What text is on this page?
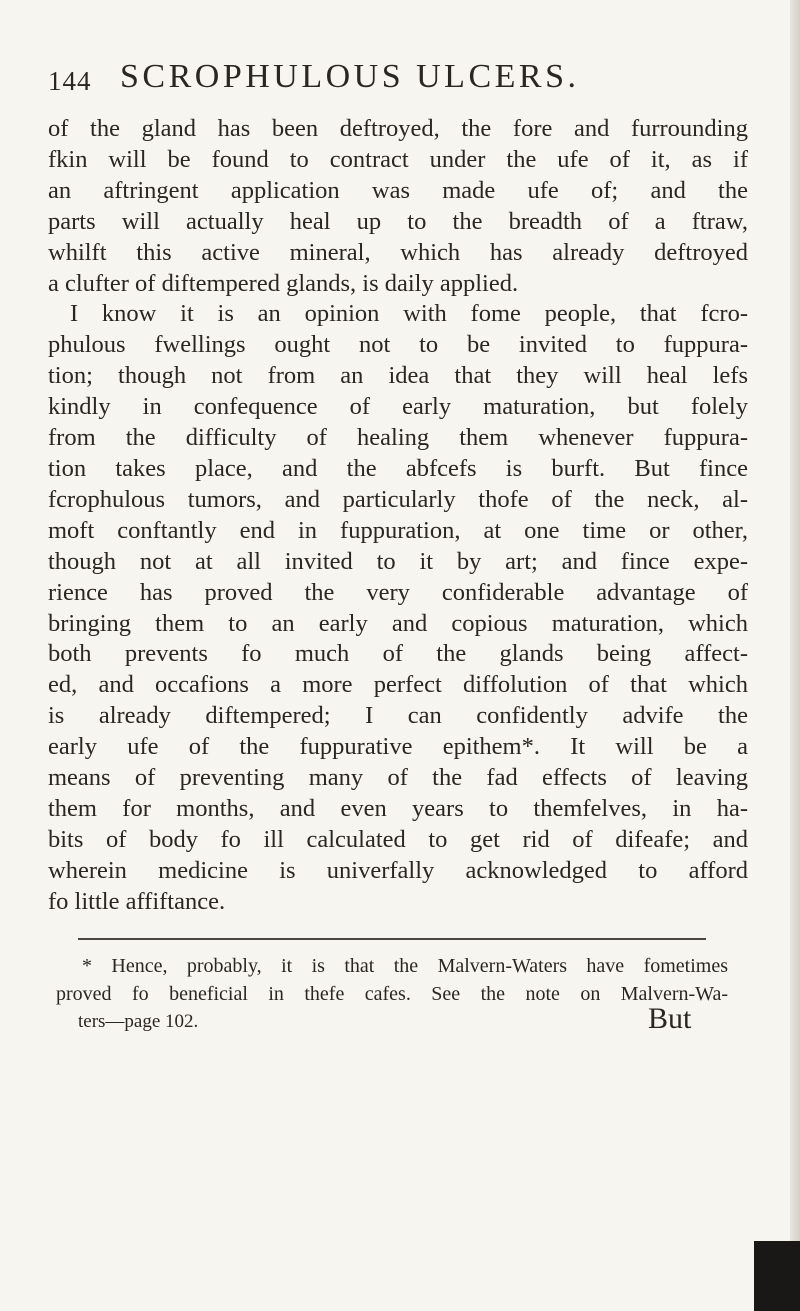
144 SCROPHULOUS ULCERS.
of the gland has been deftroyed, the fore and furrounding
fkin will be found to contract under the ufe of it, as if
an aftringent application was made ufe of; and the
parts will actually heal up to the breadth of a ftraw,
whilft this active mineral, which has already deftroyed
a clufter of diftempered glands, is daily applied.
I know it is an opinion with fome people, that fcro-
phulous fwellings ought not to be invited to fuppura-
tion; though not from an idea that they will heal lefs
kindly in confequence of early maturation, but folely
from the difficulty of healing them whenever fuppura-
tion takes place, and the abfcefs is burft. But fince
fcrophulous tumors, and particularly thofe of the neck, al-
moft conftantly end in fuppuration, at one time or other,
though not at all invited to it by art; and fince expe-
rience has proved the very confiderable advantage of
bringing them to an early and copious maturation, which
both prevents fo much of the glands being affect-
ed, and occafions a more perfect diffolution of that which
is already diftempered; I can confidently advife the
early ufe of the fuppurative epithem*. It will be a
means of preventing many of the fad effects of leaving
them for months, and even years to themfelves, in ha-
bits of body fo ill calculated to get rid of difeafe; and
wherein medicine is univerfally acknowledged to afford
fo little affiftance.
* Hence, probably, it is that the Malvern-Waters have fometimes
proved fo beneficial in thefe cafes. See the note on Malvern-Wa-
ters—page 102.	But
